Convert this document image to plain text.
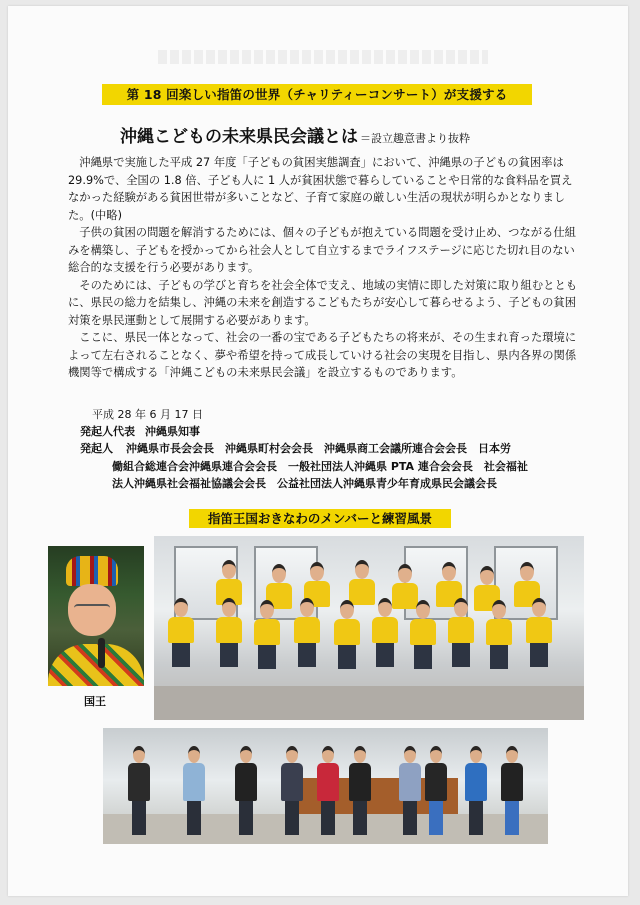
第 18 回楽しい指笛の世界（チャリティーコンサート）が支援する
沖縄こどもの未来県民会議とは ＝設立趣意書より抜粋

沖縄県で実施した平成 27 年度「子どもの貧困実態調査」において、沖縄県の子どもの貧困率は 29.9%で、全国の 1.8 倍、子ども人に 1 人が貧困状態で暮らしていることや日常的な食料品を買えなかった経験がある貧困世帯が多いことなど、子育て家庭の厳しい生活の現状が明らかとなりました。(中略)

子供の貧困の問題を解消するためには、個々の子どもが抱えている問題を受け止め、つながる仕組みを構築し、子どもを授かってから社会人として自立するまでライフステージに応じた切れ目のない総合的な支援を行う必要があります。

そのためには、子どもの学びと育ちを社会全体で支え、地域の実情に即した対策に取り組むとともに、県民の総力を結集し、沖縄の未来を創造するこどもたちが安心して暮らせるよう、子どもの貧困対策を県民運動として展開する必要があります。

ここに、県民一体となって、社会の一番の宝である子どもたちの将来が、その生まれ育った環境によって左右されることなく、夢や希望を持って成長していける社会の実現を目指し、県内各界の関係機関等で構成する「沖縄こどもの未来県民会議」を設立するものであります。

平成 28 年 6 月 17 日
発起人代表 沖縄県知事
発起人 沖縄県市長会会長　沖縄県町村会会長　沖縄県商工会議所連合会会長　日本労
働組合総連合会沖縄県連合会会長　一般社団法人沖縄県 PTA 連合会会長　社会福祉
法人沖縄県社会福祉協議会会長　公益社団法人沖縄県青少年育成県民会議会長
指笛王国おきなわのメンバーと練習風景
国王
